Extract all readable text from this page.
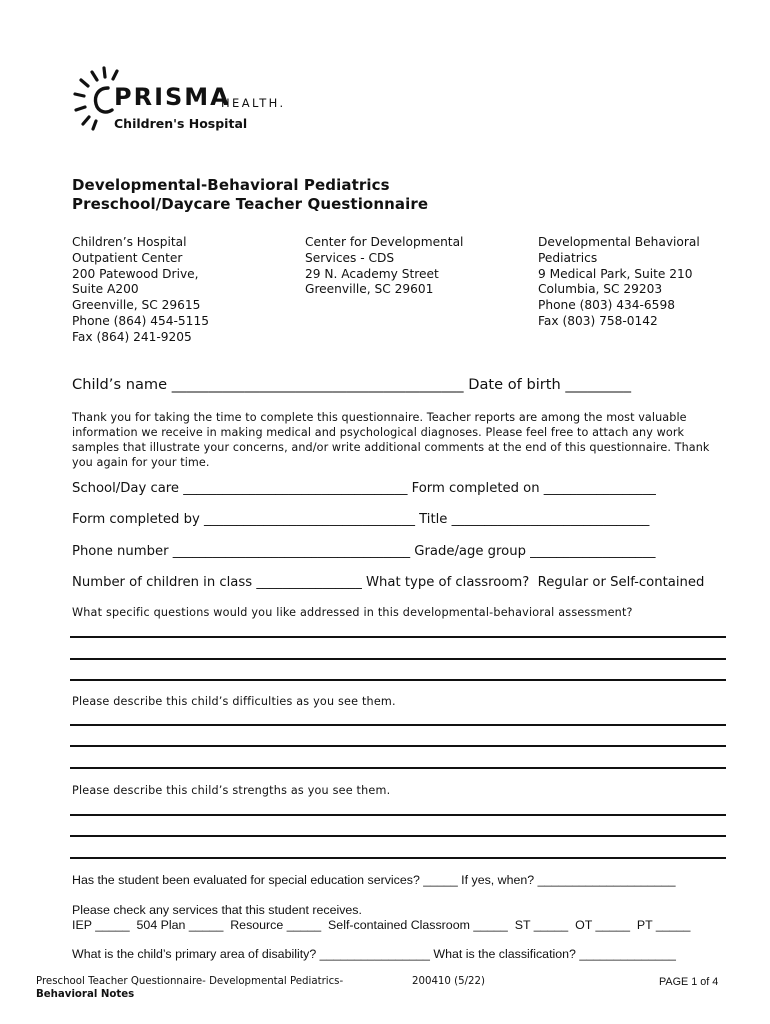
PRISMA
HEALTH.
Children's Hospital
Developmental-Behavioral Pediatrics
Preschool/Daycare Teacher Questionnaire
Children’s Hospital
Outpatient Center
200 Patewood Drive,
Suite A200
Greenville, SC 29615
Phone (864) 454-5115
Fax (864) 241-9205
Center for Developmental
Services - CDS
29 N. Academy Street
Greenville, SC 29601
Developmental Behavioral
Pediatrics
9 Medical Park, Suite 210
Columbia, SC 29203
Phone (803) 434-6598
Fax (803) 758-0142
Child’s name ________________________________________ Date of birth _________
Thank you for taking the time to complete this questionnaire. Teacher reports are among the most valuable information we receive in making medical and psychological diagnoses. Please feel free to attach any work samples that illustrate your concerns, and/or write additional comments at the end of this questionnaire. Thank you again for your time.
School/Day care __________________________________ Form completed on _________________
Form completed by ________________________________ Title ______________________________
Phone number ____________________________________ Grade/age group ___________________
Number of children in class ________________ What type of classroom?  Regular or Self-contained
What specific questions would you like addressed in this developmental-behavioral assessment?
Please describe this child’s difficulties as you see them.
Please describe this child’s strengths as you see them.
Has the student been evaluated for special education services? _____ If yes, when? ____________________
Please check any services that this student receives.
IEP _____  504 Plan _____  Resource _____  Self-contained Classroom _____  ST _____  OT _____  PT _____
What is the child’s primary area of disability? ________________ What is the classification? ______________
Preschool Teacher Questionnaire- Developmental Pediatrics-
Behavioral Notes
200410 (5/22)	PAGE 1 of 4
